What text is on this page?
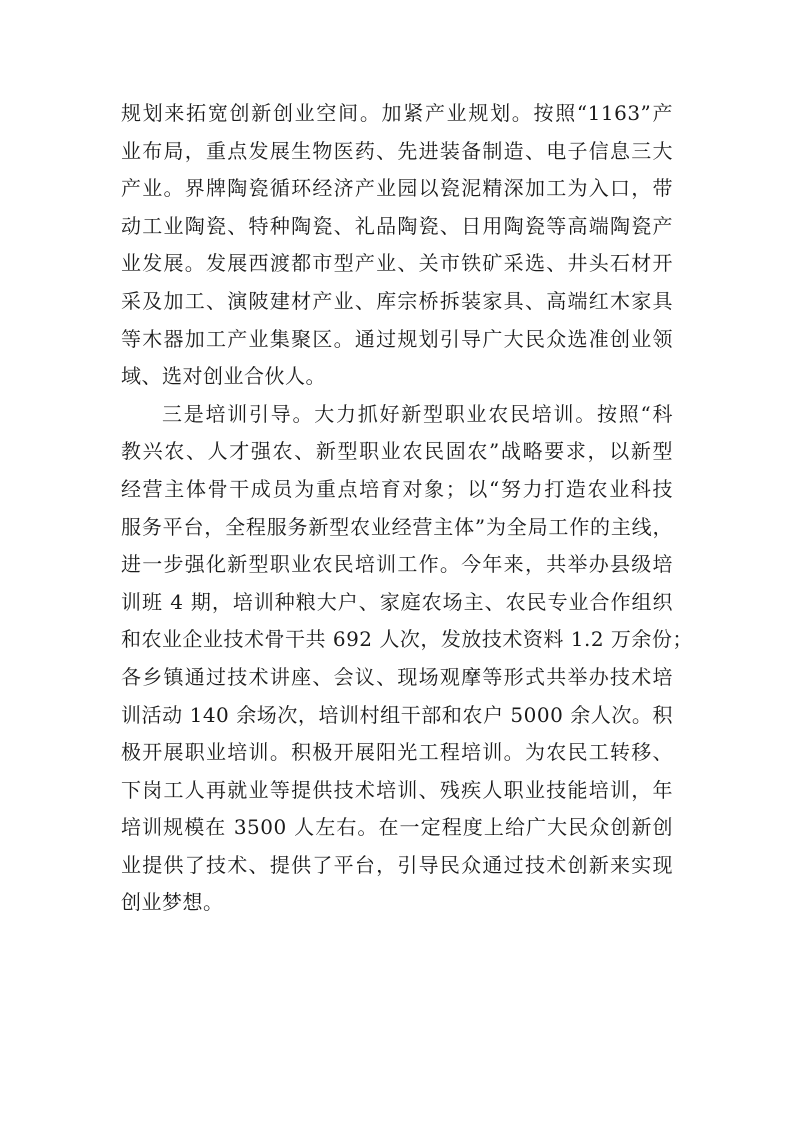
规划来拓宽创新创业空间。加紧产业规划。按照“1163”产
业布局，重点发展生物医药、先进装备制造、电子信息三大
产业。界牌陶瓷循环经济产业园以瓷泥精深加工为入口，带
动工业陶瓷、特种陶瓷、礼品陶瓷、日用陶瓷等高端陶瓷产
业发展。发展西渡都市型产业、关市铁矿采选、井头石材开
采及加工、演陂建材产业、库宗桥拆装家具、高端红木家具
等木器加工产业集聚区。通过规划引导广大民众选准创业领
域、选对创业合伙人。
三是培训引导。大力抓好新型职业农民培训。按照“科
教兴农、人才强农、新型职业农民固农”战略要求，以新型
经营主体骨干成员为重点培育对象；以“努力打造农业科技
服务平台，全程服务新型农业经营主体”为全局工作的主线，
进一步强化新型职业农民培训工作。今年来，共举办县级培
训班 4 期，培训种粮大户、家庭农场主、农民专业合作组织
和农业企业技术骨干共 692 人次，发放技术资料 1.2 万余份；
各乡镇通过技术讲座、会议、现场观摩等形式共举办技术培
训活动 140 余场次，培训村组干部和农户 5000 余人次。积
极开展职业培训。积极开展阳光工程培训。为农民工转移、
下岗工人再就业等提供技术培训、残疾人职业技能培训，年
培训规模在 3500 人左右。在一定程度上给广大民众创新创
业提供了技术、提供了平台，引导民众通过技术创新来实现
创业梦想。
